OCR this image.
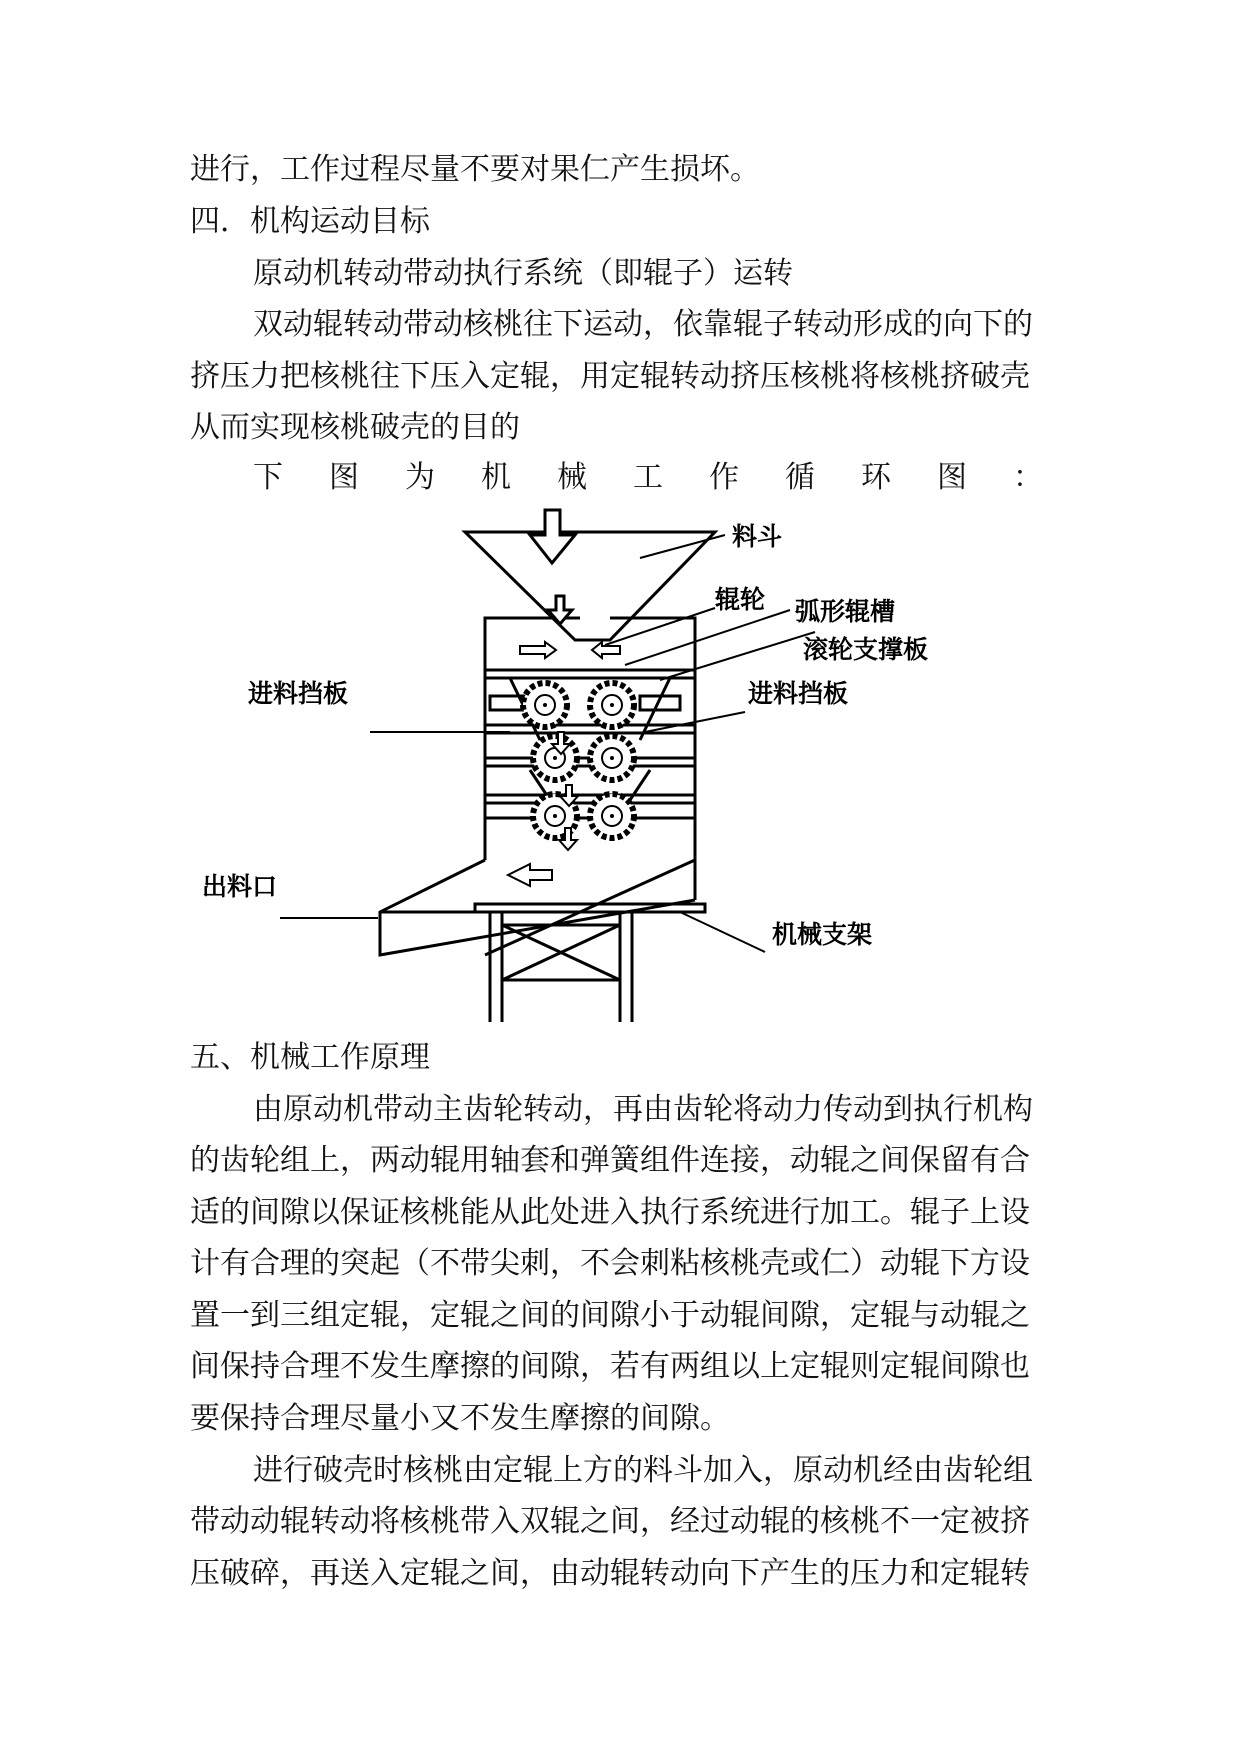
进行，工作过程尽量不要对果仁产生损坏。
四．机构运动目标
原动机转动带动执行系统（即辊子）运转
双动辊转动带动核桃往下运动，依靠辊子转动形成的向下的
挤压力把核桃往下压入定辊，用定辊转动挤压核桃将核桃挤破壳
从而实现核桃破壳的目的
下 图 为 机 械 工 作 循 环 图 ：
料斗
辊轮 弧形辊槽
滚轮支撑板
进料挡板	进料挡板
出料口
机械支架
五、机械工作原理
由原动机带动主齿轮转动，再由齿轮将动力传动到执行机构
的齿轮组上，两动辊用轴套和弹簧组件连接，动辊之间保留有合
适的间隙以保证核桃能从此处进入执行系统进行加工。辊子上设
计有合理的突起（不带尖刺，不会刺粘核桃壳或仁）动辊下方设
置一到三组定辊，定辊之间的间隙小于动辊间隙，定辊与动辊之
间保持合理不发生摩擦的间隙，若有两组以上定辊则定辊间隙也
要保持合理尽量小又不发生摩擦的间隙。
进行破壳时核桃由定辊上方的料斗加入，原动机经由齿轮组
带动动辊转动将核桃带入双辊之间，经过动辊的核桃不一定被挤
压破碎，再送入定辊之间，由动辊转动向下产生的压力和定辊转
